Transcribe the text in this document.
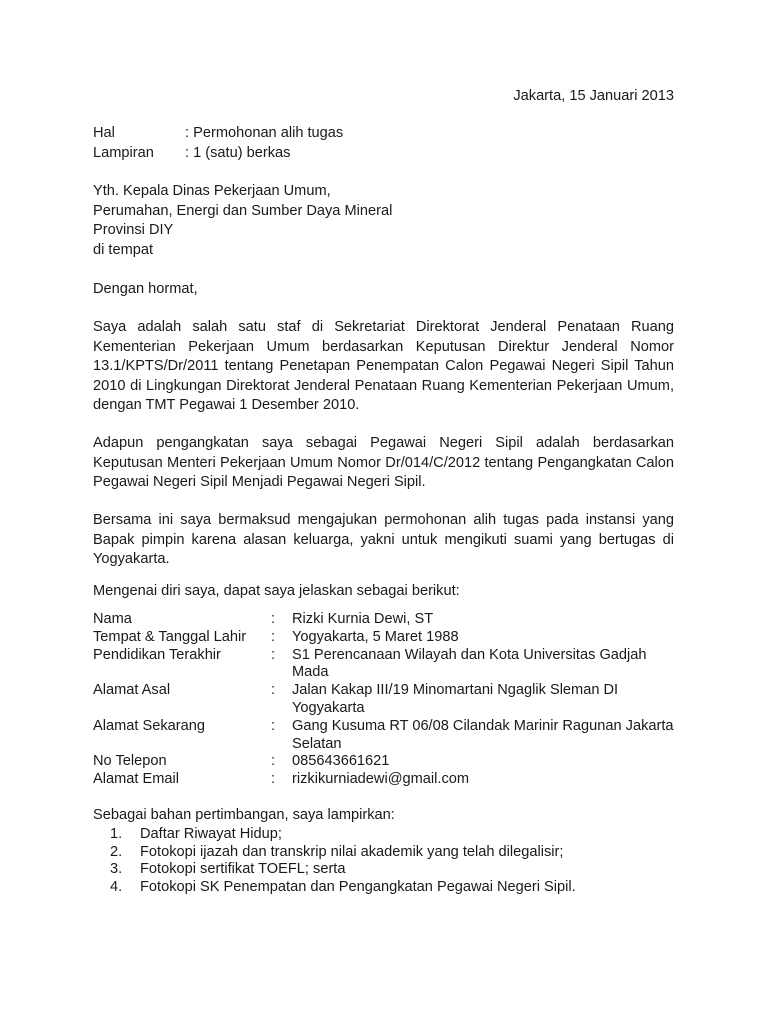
Jakarta, 15 Januari 2013
Hal	: Permohonan alih tugas
Lampiran	: 1 (satu) berkas
Yth. Kepala Dinas Pekerjaan Umum,
Perumahan, Energi dan Sumber Daya Mineral
Provinsi DIY
di tempat
Dengan hormat,
Saya adalah salah satu staf di Sekretariat Direktorat Jenderal Penataan Ruang Kementerian Pekerjaan Umum berdasarkan Keputusan Direktur Jenderal Nomor 13.1/KPTS/Dr/2011 tentang Penetapan Penempatan Calon Pegawai Negeri Sipil Tahun 2010 di Lingkungan Direktorat Jenderal Penataan Ruang Kementerian Pekerjaan Umum, dengan TMT Pegawai 1 Desember 2010.
Adapun pengangkatan saya sebagai Pegawai Negeri Sipil adalah berdasarkan Keputusan Menteri Pekerjaan Umum Nomor Dr/014/C/2012 tentang Pengangkatan Calon Pegawai Negeri Sipil Menjadi Pegawai Negeri Sipil.
Bersama ini saya bermaksud mengajukan permohonan alih tugas pada instansi yang Bapak pimpin karena alasan keluarga, yakni untuk mengikuti suami yang bertugas di Yogyakarta.
Mengenai diri saya, dapat saya jelaskan sebagai berikut:
Nama	:	Rizki Kurnia Dewi, ST
Tempat & Tanggal Lahir	:	Yogyakarta, 5 Maret 1988
Pendidikan Terakhir	:	S1 Perencanaan Wilayah dan Kota Universitas Gadjah Mada
Alamat Asal	:	Jalan Kakap III/19 Minomartani Ngaglik Sleman DI Yogyakarta
Alamat Sekarang	:	Gang Kusuma RT 06/08 Cilandak Marinir Ragunan Jakarta Selatan
No Telepon	:	085643661621
Alamat Email	:	rizkikurniadewi@gmail.com
Sebagai bahan pertimbangan, saya lampirkan:
1.	Daftar Riwayat Hidup;
2.	Fotokopi ijazah dan transkrip nilai akademik yang telah dilegalisir;
3.	Fotokopi sertifikat TOEFL; serta
4.	Fotokopi SK Penempatan dan Pengangkatan Pegawai Negeri Sipil.
